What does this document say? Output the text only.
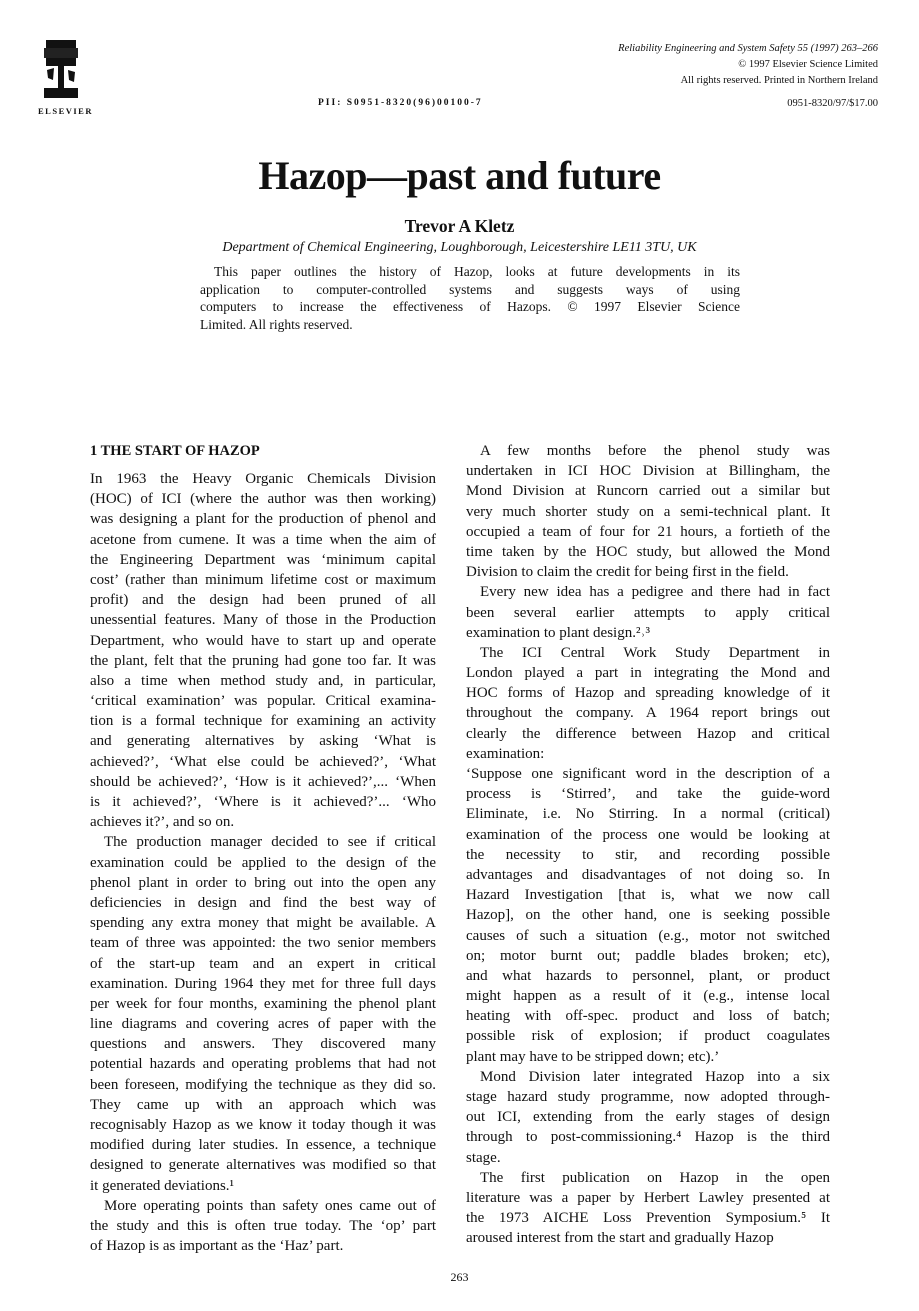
ELSEVIER
Reliability Engineering and System Safety 55 (1997) 263–266
© 1997 Elsevier Science Limited
All rights reserved. Printed in Northern Ireland
PII: S0951-8320(96)00100-7	0951-8320/97/$17.00
Hazop—past and future
Trevor A Kletz
Department of Chemical Engineering, Loughborough, Leicestershire LE11 3TU, UK
This paper outlines the history of Hazop, looks at future developments in its
application to computer-controlled systems and suggests ways of using
computers to increase the effectiveness of Hazops. © 1997 Elsevier Science
Limited. All rights reserved.
1 THE START OF HAZOP
In 1963 the Heavy Organic Chemicals Division
(HOC) of ICI (where the author was then working)
was designing a plant for the production of phenol and
acetone from cumene. It was a time when the aim of
the Engineering Department was ‘minimum capital
cost’ (rather than minimum lifetime cost or maximum
profit) and the design had been pruned of all
unessential features. Many of those in the Production
Department, who would have to start up and operate
the plant, felt that the pruning had gone too far. It was
also a time when method study and, in particular,
‘critical examination’ was popular. Critical examina-
tion is a formal technique for examining an activity
and generating alternatives by asking ‘What is
achieved?’, ‘What else could be achieved?’, ‘What
should be achieved?’, ‘How is it achieved?’,... ‘When
is it achieved?’, ‘Where is it achieved?’... ‘Who
achieves it?’, and so on.
The production manager decided to see if critical
examination could be applied to the design of the
phenol plant in order to bring out into the open any
deficiencies in design and find the best way of
spending any extra money that might be available. A
team of three was appointed: the two senior members
of the start-up team and an expert in critical
examination. During 1964 they met for three full days
per week for four months, examining the phenol plant
line diagrams and covering acres of paper with the
questions and answers. They discovered many
potential hazards and operating problems that had not
been foreseen, modifying the technique as they did so.
They came up with an approach which was
recognisably Hazop as we know it today though it was
modified during later studies. In essence, a technique
designed to generate alternatives was modified so that
it generated deviations.¹
More operating points than safety ones came out of
the study and this is often true today. The ‘op’ part
of Hazop is as important as the ‘Haz’ part.
A few months before the phenol study was
undertaken in ICI HOC Division at Billingham, the
Mond Division at Runcorn carried out a similar but
very much shorter study on a semi-technical plant. It
occupied a team of four for 21 hours, a fortieth of the
time taken by the HOC study, but allowed the Mond
Division to claim the credit for being first in the field.
Every new idea has a pedigree and there had in fact
been several earlier attempts to apply critical
examination to plant design.²˒³
The ICI Central Work Study Department in
London played a part in integrating the Mond and
HOC forms of Hazop and spreading knowledge of it
throughout the company. A 1964 report brings out
clearly the difference between Hazop and critical
examination:
‘Suppose one significant word in the description of a
process is ‘Stirred’, and take the guide-word
Eliminate, i.e. No Stirring. In a normal (critical)
examination of the process one would be looking at
the necessity to stir, and recording possible
advantages and disadvantages of not doing so. In
Hazard Investigation [that is, what we now call
Hazop], on the other hand, one is seeking possible
causes of such a situation (e.g., motor not switched
on; motor burnt out; paddle blades broken; etc),
and what hazards to personnel, plant, or product
might happen as a result of it (e.g., intense local
heating with off-spec. product and loss of batch;
possible risk of explosion; if product coagulates
plant may have to be stripped down; etc).’
Mond Division later integrated Hazop into a six
stage hazard study programme, now adopted through-
out ICI, extending from the early stages of design
through to post-commissioning.⁴ Hazop is the third
stage.
The first publication on Hazop in the open
literature was a paper by Herbert Lawley presented at
the 1973 AICHE Loss Prevention Symposium.⁵ It
aroused interest from the start and gradually Hazop
263
